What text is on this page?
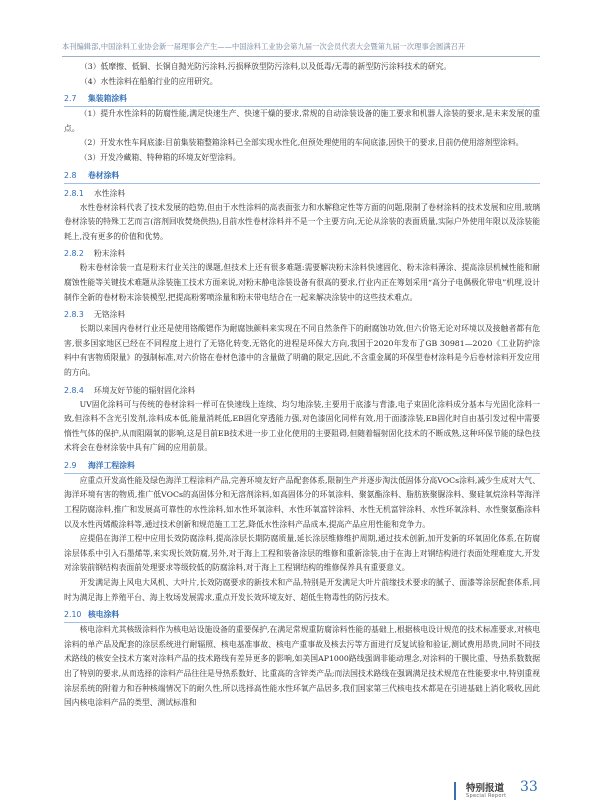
本刊编辑部,中国涂料工业协会新一届理事会产生——中国涂料工业协会第九届一次会员代表大会暨第九届一次理事会圆满召开

（3）低摩擦、低铜、长铜自抛光防污涂料,污损释放型防污涂料,以及低毒/无毒的新型防污涂料技术的研究。

（4）水性涂料在船舶行业的应用研究。

2.7	集装箱涂料

（1）提升水性涂料的防腐性能,满足快速生产、快速干燥的要求,常规的自动涂装设备的施工要求和机器人涂装的要求,是未来发展的重点。

（2）开发水性车间底漆:目前集装箱整箱涂料已全部实现水性化,但预处理使用的车间底漆,因快干的要求,目前仍使用溶剂型涂料。

（3）开发冷藏箱、特种箱的环境友好型涂料。

2.8	卷材涂料
2.8.1	水性涂料

水性卷材涂料代表了技术发展的趋势,但由于水性涂料的高表面张力和水解稳定性等方面的问题,限制了卷材涂料的技术发展和应用,玻璃卷材涂装的特殊工艺而言(溶剂回收焚烧供热),目前水性卷材涂料并不是一个主要方向,无论从涂装的表面质量,实际户外使用年限以及涂装能耗上,没有更多的价值和优势。

2.8.2	粉末涂料

粉末卷材涂装一直是粉末行业关注的课题,但技术上还有很多难题:需要解决粉末涂料快速固化、粉末涂料薄涂、提高涂层机械性能和耐腐蚀性能等关键技术难题从涂装施工技术方面来说,对粉末静电涂装设备有很高的要求,行业内正在筹划采用“高分子电偶极化带电”机理,设计制作全新的卷材粉末涂装模型,把提高粉雾喷涂量和粉末带电结合在一起来解决涂装中的这些技术难点。

2.8.3	无铬涂料

长期以来国内卷材行业还是使用铬酸锶作为耐腐蚀颜料来实现在不同自然条件下的耐腐蚀功效,但六价铬无论对环境以及接触者都有危害,很多国家地区已经在不同程度上进行了无铬化转变,无铬化的进程是环保大方向,我国于2020年发布了GB 30981—2020《工业防护涂料中有害物质限量》的强制标准,对六价铬在卷材色漆中的含量做了明确的限定,因此,不含重金属的环保型卷材涂料是今后卷材涂料开发应用的方向。

2.8.4	环境友好节能的辐射固化涂料

UV固化涂料可与传统的卷材涂料一样可在快速线上连续、均匀地涂装,主要用于底漆与背漆,电子束固化涂料成分基本与光固化涂料一致,但涂料不含光引发剂,涂料成本低,能量消耗低,EB固化穿透能力强,对色漆固化同样有效,用于面漆涂装,EB固化时自由基引发过程中需要惰性气体的保护,从而阻隔氧的影响,这是目前EB技术进一步工业化使用的主要阻碍,但随着辐射固化技术的不断成熟,这种环保节能的绿色技术将会在卷材涂装中具有广阔的应用前景。

2.9	海洋工程涂料

应重点开发高性能及绿色海洋工程涂料产品,完善环境友好产品配套体系,限制生产并逐步淘汰低固体分高VOCs涂料,减少生成对大气、海洋环境有害的物质,推广低VOCs的高固体分和无溶剂涂料,如高固体分的环氧涂料、聚氨酯涂料、脂肪族聚脲涂料、聚硅氧烷涂料等海洋工程防腐涂料,推广和发展高可靠性的水性涂料,如水性环氧涂料、水性环氧富锌涂料、水性无机富锌涂料、水性环氧涂料、水性聚氨酯涂料以及水性丙烯酸涂料等,通过技术创新和规范施工工艺,降低水性涂料产品成本,提高产品应用性能和竞争力。

应提倡在海洋工程中应用长效防腐涂料,提高涂层长期防腐质量,延长涂层维修维护周期,通过技术创新,加开发新的环氧固化体系,在防腐涂层体系中引入石墨烯等,来实现长效防腐,另外,对于海上工程和装备涂层的维修和重新涂装,由于在海上对钢结构进行表面处理难度大,开发对涂装前钢结构表面前处理要求等级较低的防腐涂料,对于海上工程钢结构的维修保养具有重要意义。

开发满足海上风电大风机、大叶片,长效防腐要求的新技术和产品,特别是开发满足大叶片前缘技术要求的腻子、面漆等涂层配套体系,同时为满足海上养殖平台、海上牧场发展需求,重点开发长效环境友好、超低生物毒性的防污技术。

2.10 核电涂料

核电涂料尤其核级涂料作为核电站设施设备的重要保护,在满足常规重防腐涂料性能的基础上,根据核电设计规范的技术标准要求,对核电涂料的单产品及配套的涂层系统进行耐辐照、核电基准事故、核电产重事故及核去污等方面进行反复试验和验证,测试费用昂贵,同时不同技术路线的核安全技术方案对涂料产品的技术路线有差异更多的影响,如美国AP1000路线强调非能动理念,对涂料的干膜比重、导热系数数据出了特别的要求,从而选择的涂料产品往往是导热系数好、比重高的含锌类产品;而法国技术路线在强调满足技术规范在性能要求中,特别重视涂层系统的附着力和吞种核端情况下的耐久性,所以选择高性能水性环氧产品居多,我们国家第三代核电技术都是在引进基础上消化吸收,因此国内核电涂料产品的类型、测试标准和

特别报道
Special Report
33
